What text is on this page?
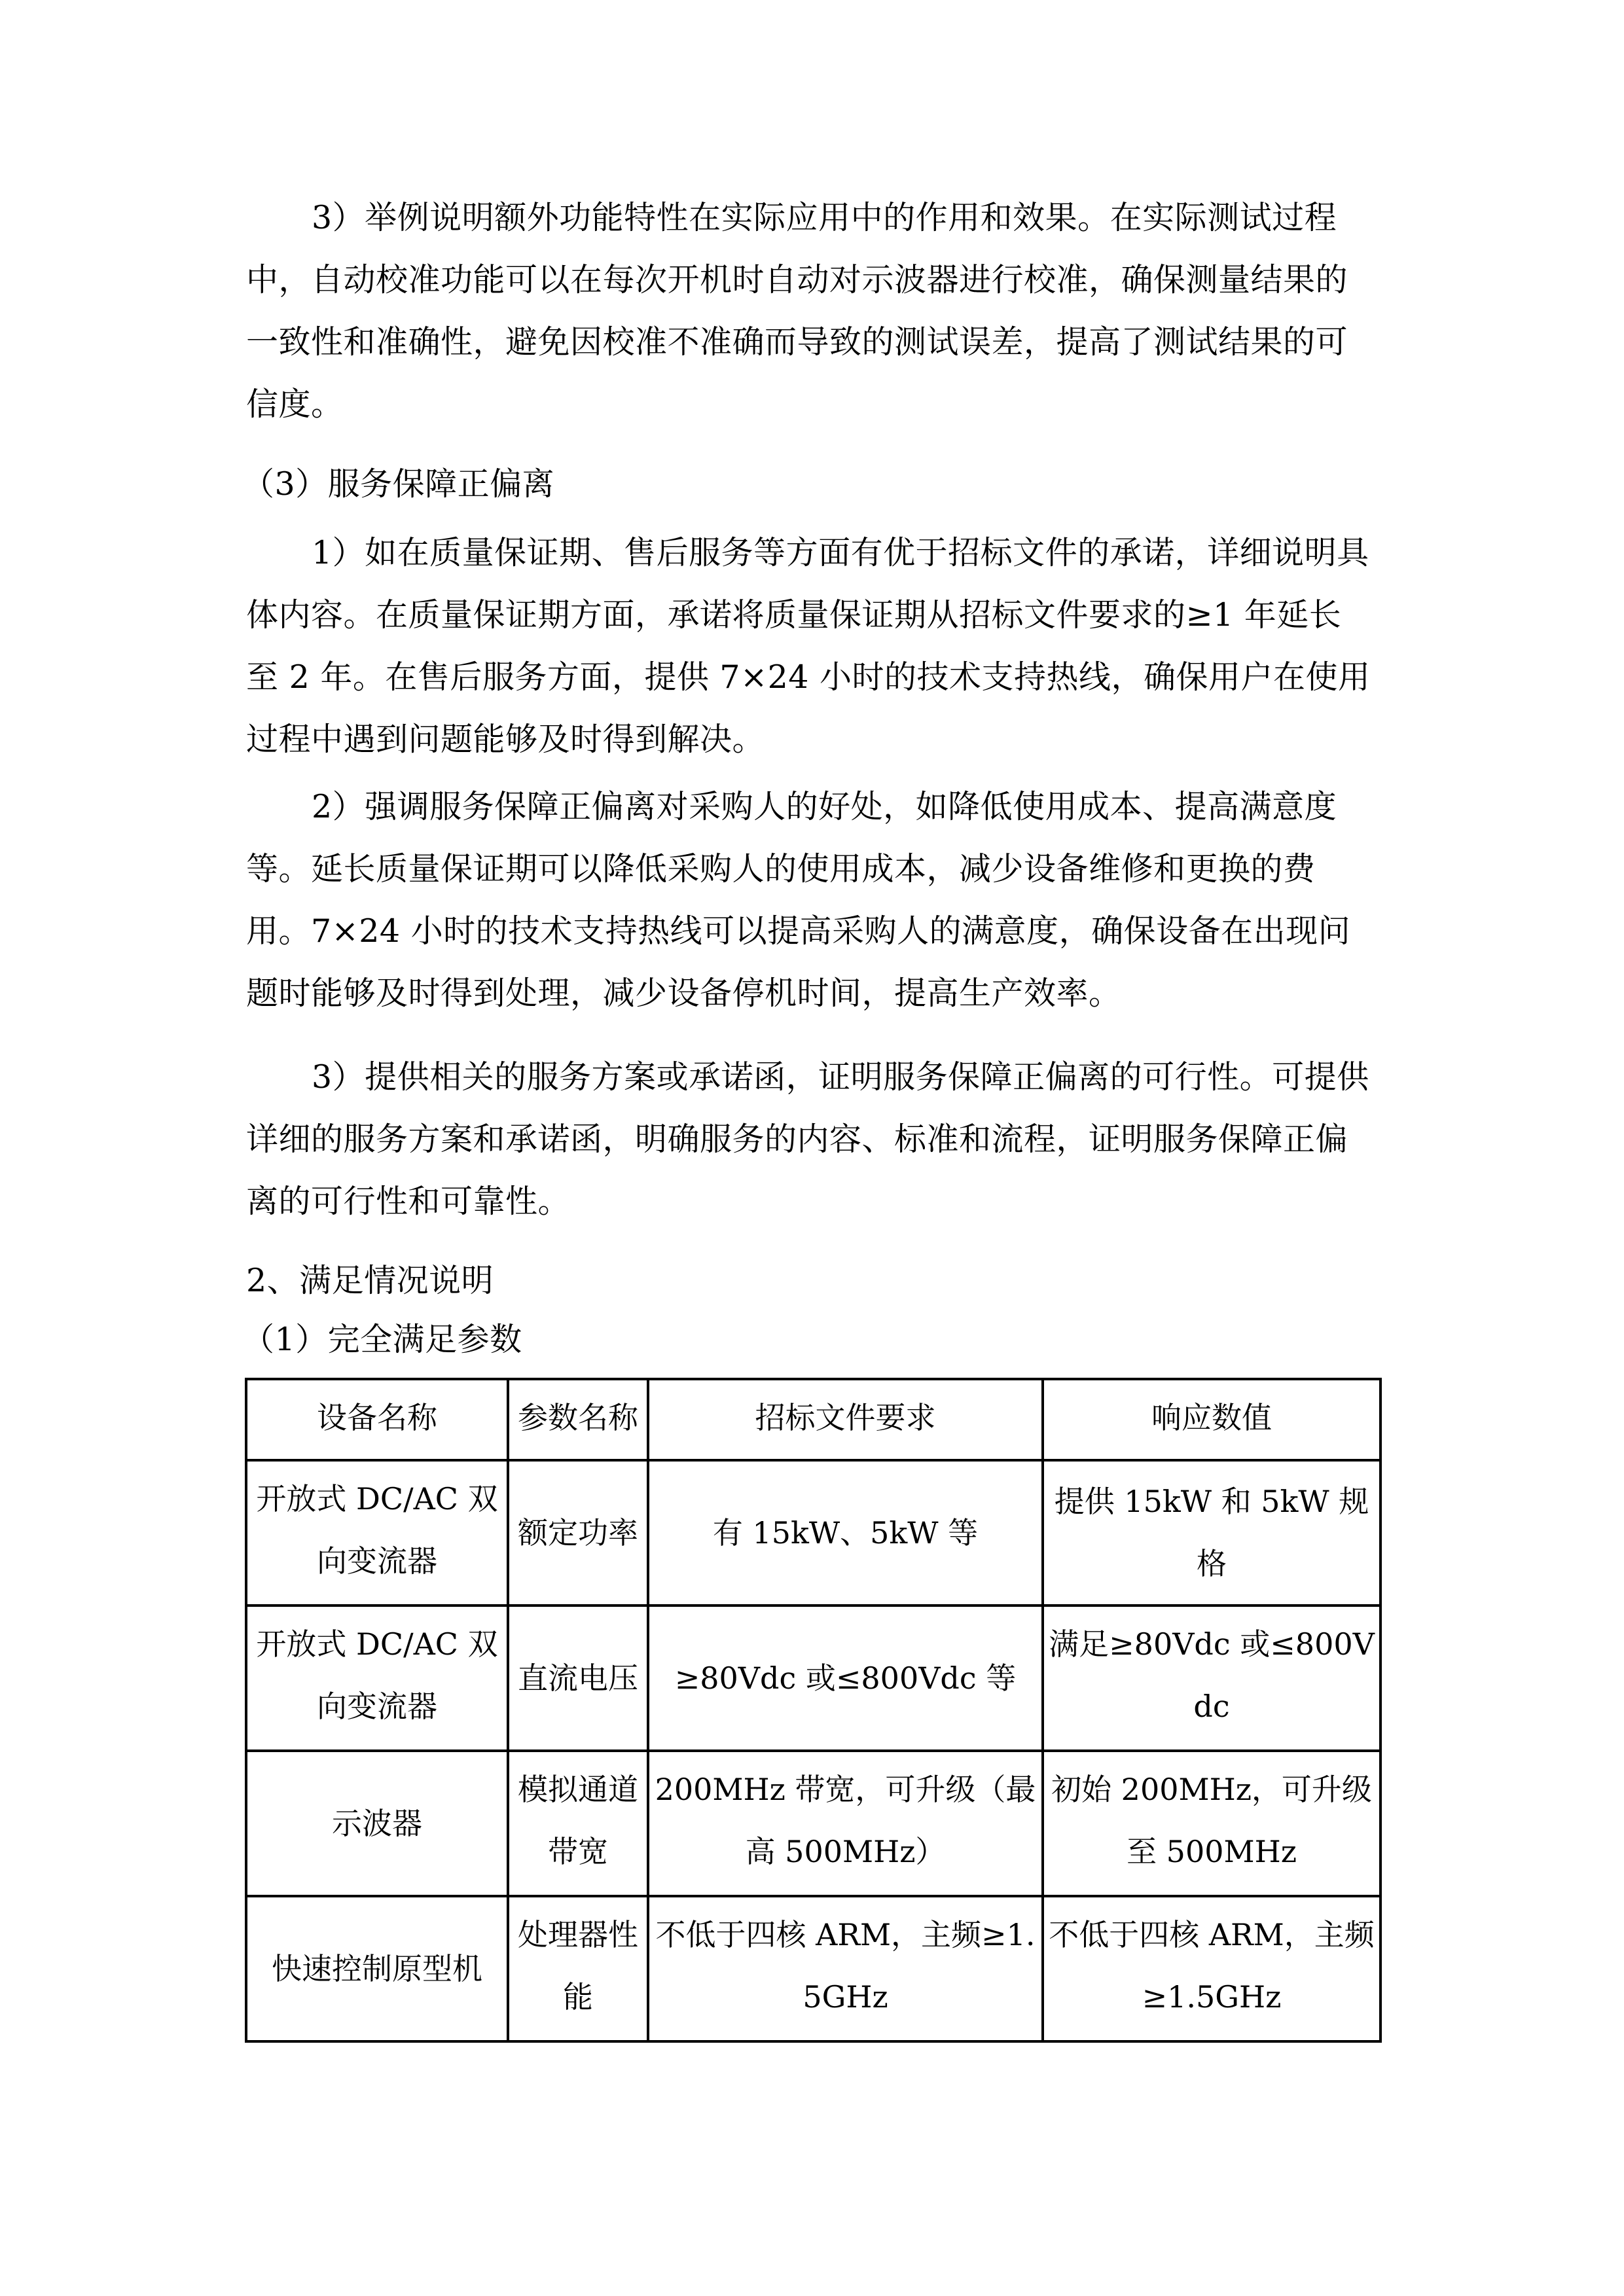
3）举例说明额外功能特性在实际应用中的作用和效果。在实际测试过程
中，自动校准功能可以在每次开机时自动对示波器进行校准，确保测量结果的
一致性和准确性，避免因校准不准确而导致的测试误差，提高了测试结果的可
信度。
（3）服务保障正偏离
1）如在质量保证期、售后服务等方面有优于招标文件的承诺，详细说明具
体内容。在质量保证期方面，承诺将质量保证期从招标文件要求的≥1 年延长
至 2 年。在售后服务方面，提供 7×24 小时的技术支持热线，确保用户在使用
过程中遇到问题能够及时得到解决。
2）强调服务保障正偏离对采购人的好处，如降低使用成本、提高满意度
等。延长质量保证期可以降低采购人的使用成本，减少设备维修和更换的费
用。7×24 小时的技术支持热线可以提高采购人的满意度，确保设备在出现问
题时能够及时得到处理，减少设备停机时间，提高生产效率。
3）提供相关的服务方案或承诺函，证明服务保障正偏离的可行性。可提供
详细的服务方案和承诺函，明确服务的内容、标准和流程，证明服务保障正偏
离的可行性和可靠性。
2、满足情况说明
（1）完全满足参数
设备名称	参数名称	招标文件要求	响应数值
开放式 DC/AC 双向变流器	额定功率	有 15kW、5kW 等	提供 15kW 和 5kW 规格
开放式 DC/AC 双向变流器	直流电压	≥80Vdc 或≤800Vdc 等	满足≥80Vdc 或≤800Vdc
示波器	模拟通道带宽	200MHz 带宽，可升级（最高 500MHz）	初始 200MHz，可升级至 500MHz
快速控制原型机	处理器性能	不低于四核 ARM，主频≥1.5GHz	不低于四核 ARM，主频≥1.5GHz
